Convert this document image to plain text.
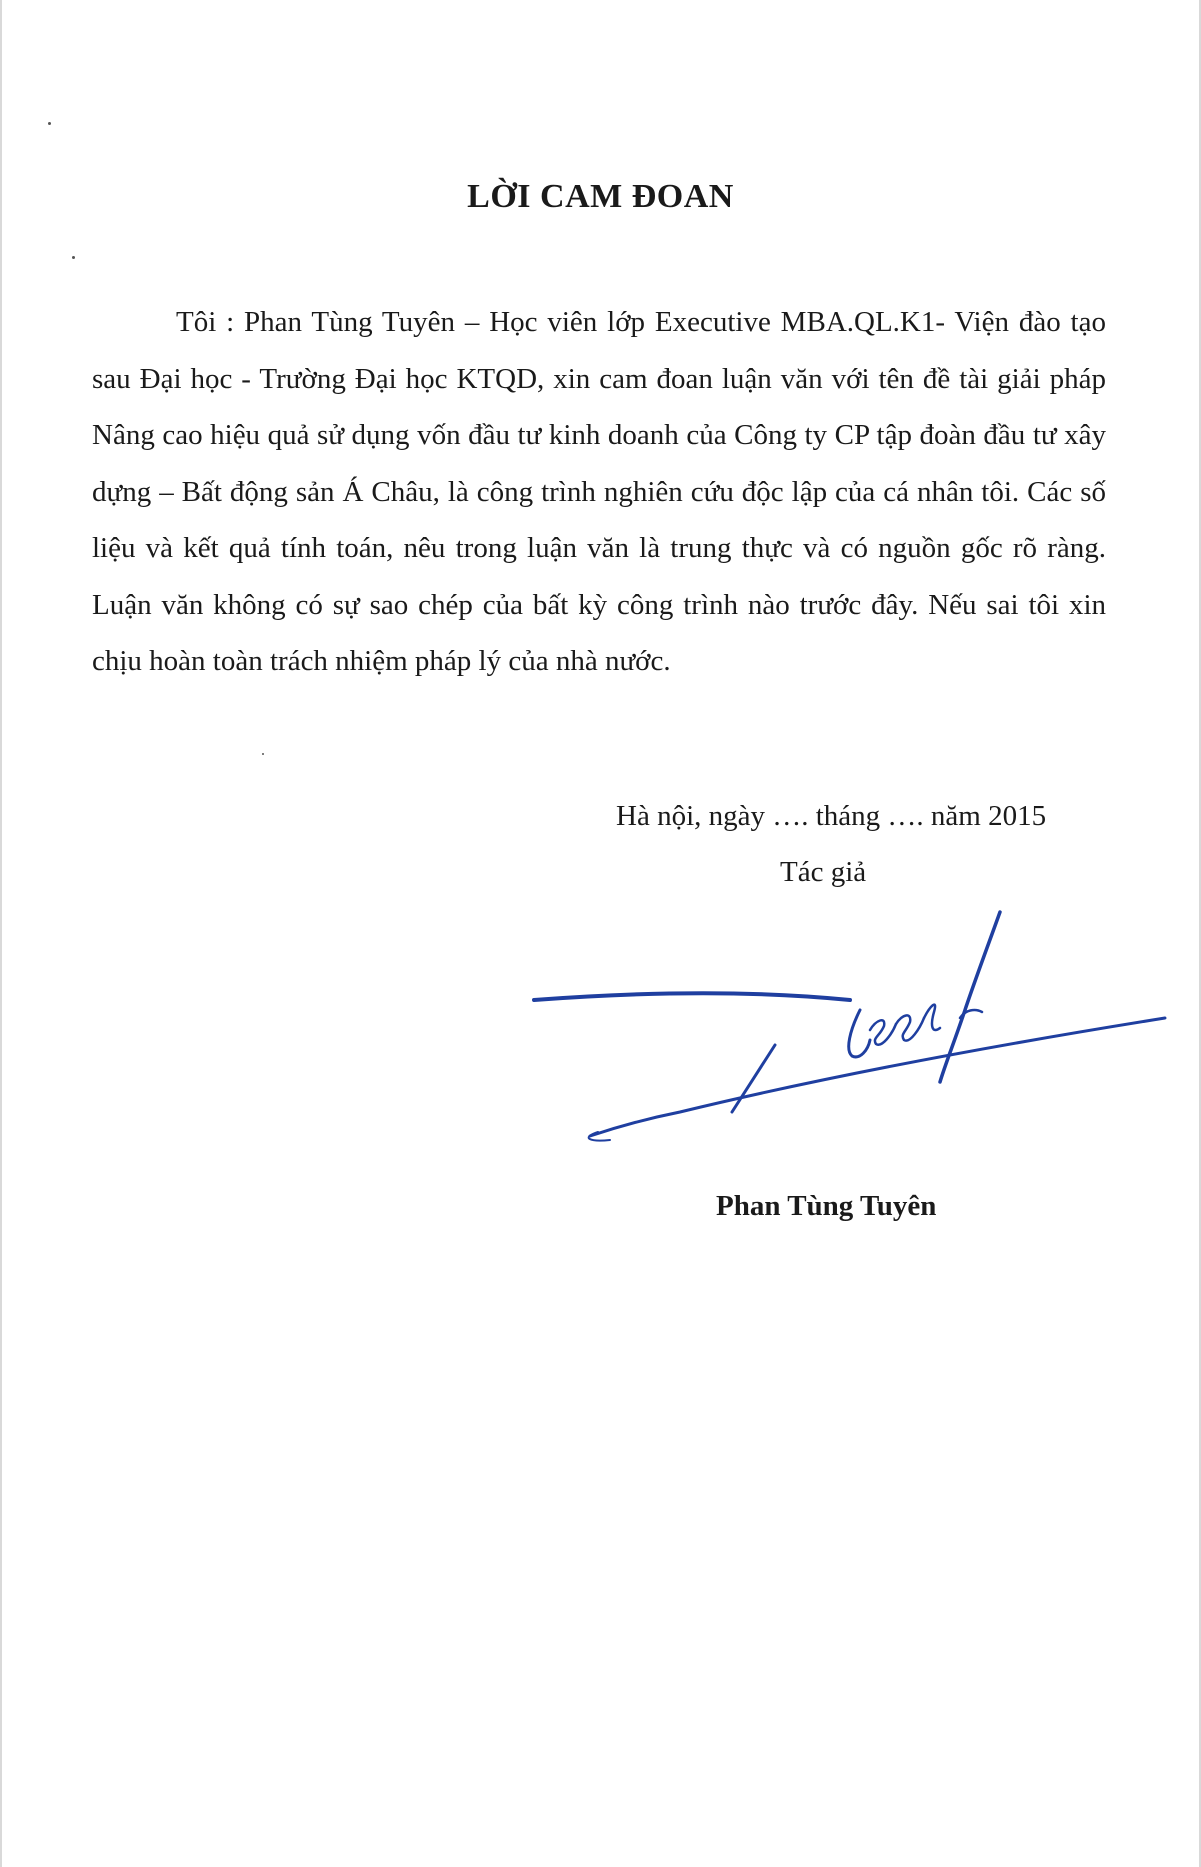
LỜI CAM ĐOAN

Tôi : Phan Tùng Tuyên – Học viên lớp Executive MBA.QL.K1- Viện đào tạo sau Đại học - Trường Đại học KTQD, xin cam đoan luận văn với tên đề tài giải pháp Nâng cao hiệu quả sử dụng vốn đầu tư kinh doanh của Công ty CP tập đoàn đầu tư xây dựng – Bất động sản Á Châu, là công trình nghiên cứu độc lập của cá nhân tôi. Các số liệu và kết quả tính toán, nêu trong luận văn là trung thực và có nguồn gốc rõ ràng. Luận văn không có sự sao chép của bất kỳ công trình nào trước đây. Nếu sai tôi xin chịu hoàn toàn trách nhiệm pháp lý của nhà nước.

Hà nội, ngày …. tháng …. năm 2015
Tác giả
Phan Tùng Tuyên
